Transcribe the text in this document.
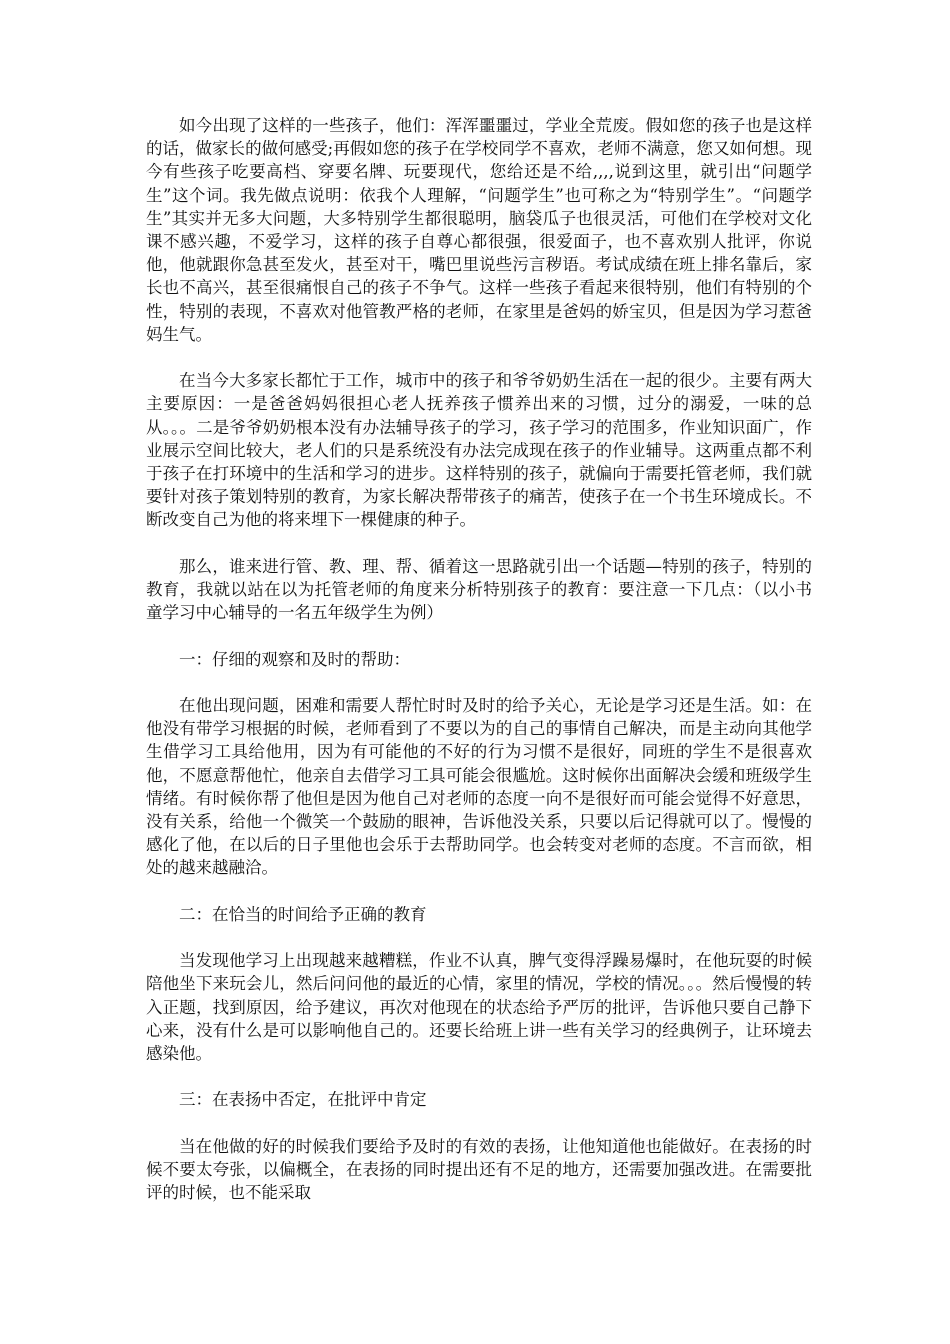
如今出现了这样的一些孩子，他们：浑浑噩噩过，学业全荒废。假如您的孩子也是这样的话，做家长的做何感受;再假如您的孩子在学校同学不喜欢，老师不满意，您又如何想。现今有些孩子吃要高档、穿要名牌、玩要现代，您给还是不给,,,,说到这里，就引出“问题学生”这个词。我先做点说明：依我个人理解，“问题学生”也可称之为“特别学生”。“问题学生”其实并无多大问题，大多特别学生都很聪明，脑袋瓜子也很灵活，可他们在学校对文化课不感兴趣，不爱学习，这样的孩子自尊心都很强，很爱面子，也不喜欢别人批评，你说他，他就跟你急甚至发火，甚至对干，嘴巴里说些污言秽语。考试成绩在班上排名靠后，家长也不高兴，甚至很痛恨自己的孩子不争气。这样一些孩子看起来很特别，他们有特别的个性，特别的表现，不喜欢对他管教严格的老师，在家里是爸妈的娇宝贝，但是因为学习惹爸妈生气。

在当今大多家长都忙于工作，城市中的孩子和爷爷奶奶生活在一起的很少。主要有两大主要原因：一是爸爸妈妈很担心老人抚养孩子惯养出来的习惯，过分的溺爱，一味的总从。。。二是爷爷奶奶根本没有办法辅导孩子的学习，孩子学习的范围多，作业知识面广，作业展示空间比较大，老人们的只是系统没有办法完成现在孩子的作业辅导。这两重点都不利于孩子在打环境中的生活和学习的进步。这样特别的孩子，就偏向于需要托管老师，我们就要针对孩子策划特别的教育，为家长解决帮带孩子的痛苦，使孩子在一个书生环境成长。不断改变自己为他的将来埋下一棵健康的种子。

那么，谁来进行管、教、理、帮、循着这一思路就引出一个话题—特别的孩子，特别的教育，我就以站在以为托管老师的角度来分析特别孩子的教育：要注意一下几点：（以小书童学习中心辅导的一名五年级学生为例）

一：仔细的观察和及时的帮助：

在他出现问题，困难和需要人帮忙时时及时的给予关心，无论是学习还是生活。如：在他没有带学习根据的时候，老师看到了不要以为的自己的事情自己解决，而是主动向其他学生借学习工具给他用，因为有可能他的不好的行为习惯不是很好，同班的学生不是很喜欢他，不愿意帮他忙，他亲自去借学习工具可能会很尴尬。这时候你出面解决会缓和班级学生情绪。有时候你帮了他但是因为他自己对老师的态度一向不是很好而可能会觉得不好意思，没有关系，给他一个微笑一个鼓励的眼神，告诉他没关系，只要以后记得就可以了。慢慢的感化了他，在以后的日子里他也会乐于去帮助同学。也会转变对老师的态度。不言而欲，相处的越来越融洽。

二：在恰当的时间给予正确的教育

当发现他学习上出现越来越糟糕，作业不认真，脾气变得浮躁易爆时，在他玩耍的时候陪他坐下来玩会儿，然后问问他的最近的心情，家里的情况，学校的情况。。。然后慢慢的转入正题，找到原因，给予建议，再次对他现在的状态给予严厉的批评，告诉他只要自己静下心来，没有什么是可以影响他自己的。还要长给班上讲一些有关学习的经典例子，让环境去感染他。

三：在表扬中否定，在批评中肯定

当在他做的好的时候我们要给予及时的有效的表扬，让他知道他也能做好。在表扬的时候不要太夸张，以偏概全，在表扬的同时提出还有不足的地方，还需要加强改进。在需要批评的时候，也不能采取
